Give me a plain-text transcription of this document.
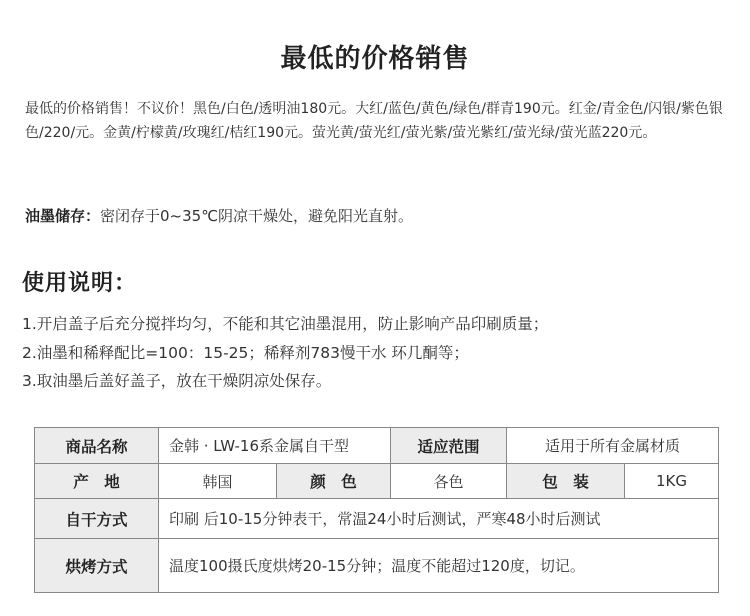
最低的价格销售
最低的价格销售！不议价！黑色/白色/透明油180元。大红/蓝色/黄色/绿色/群青190元。红金/青金色/闪银/紫色银色/220/元。金黄/柠檬黄/玫瑰红/桔红190元。萤光黄/萤光红/萤光紫/萤光紫红/萤光绿/萤光蓝220元。
油墨储存：密闭存于0~35℃阴凉干燥处，避免阳光直射。
使用说明：
1.开启盖子后充分搅拌均匀，不能和其它油墨混用，防止影响产品印刷质量；
2.油墨和稀释配比=100：15-25；稀释剂783慢干水 环几酮等；
3.取油墨后盖好盖子，放在干燥阴凉处保存。
商品名称	金韩 · LW-16系金属自干型		适应范围	适用于所有金属材质	
产　地	韩国	颜　色	各色	包　装	1KG
自干方式	印刷 后10-15分钟表干，常温24小时后测试，严寒48小时后测试				
烘烤方式	温度100摄氏度烘烤20-15分钟；温度不能超过120度，切记。				
